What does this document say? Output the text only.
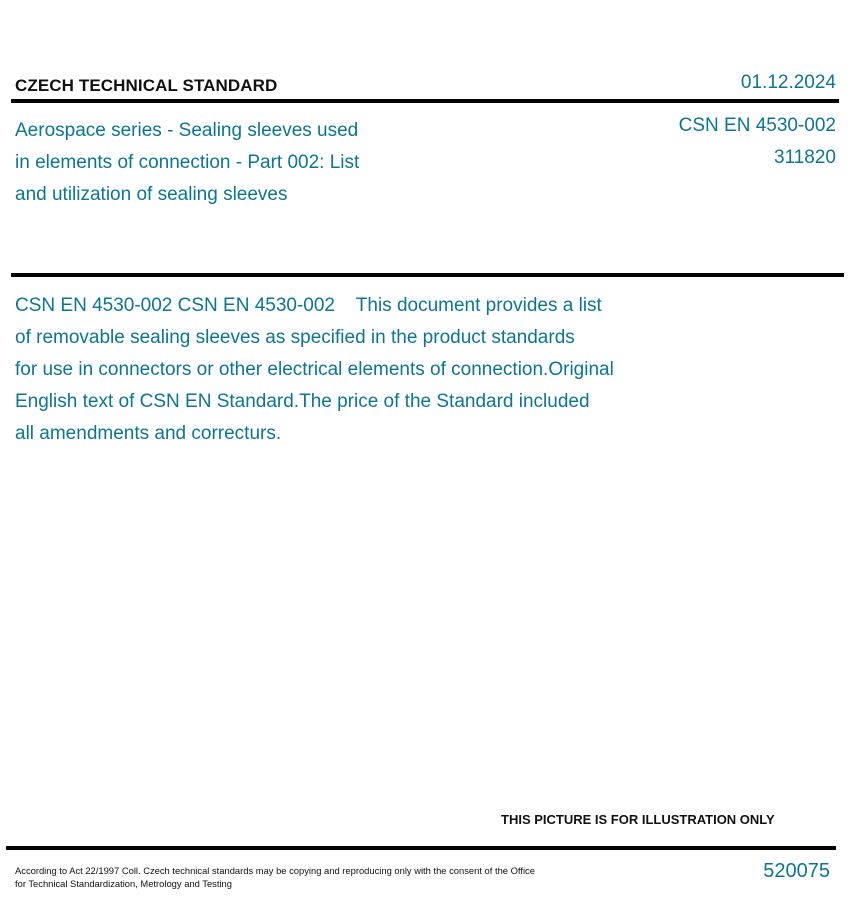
CZECH TECHNICAL STANDARD	01.12.2024
Aerospace series - Sealing sleeves used
in elements of connection - Part 002: List
and utilization of sealing sleeves
CSN EN 4530-002
311820
CSN EN 4530-002 CSN EN 4530-002    This document provides a list
of removable sealing sleeves as specified in the product standards
for use in connectors or other electrical elements of connection.Original
English text of CSN EN Standard.The price of the Standard included
all amendments and correcturs.
THIS PICTURE IS FOR ILLUSTRATION ONLY
According to Act 22/1997 Coll. Czech technical standards may be copying and reproducing only with the consent of the Office
for Technical Standardization, Metrology and Testing
520075
